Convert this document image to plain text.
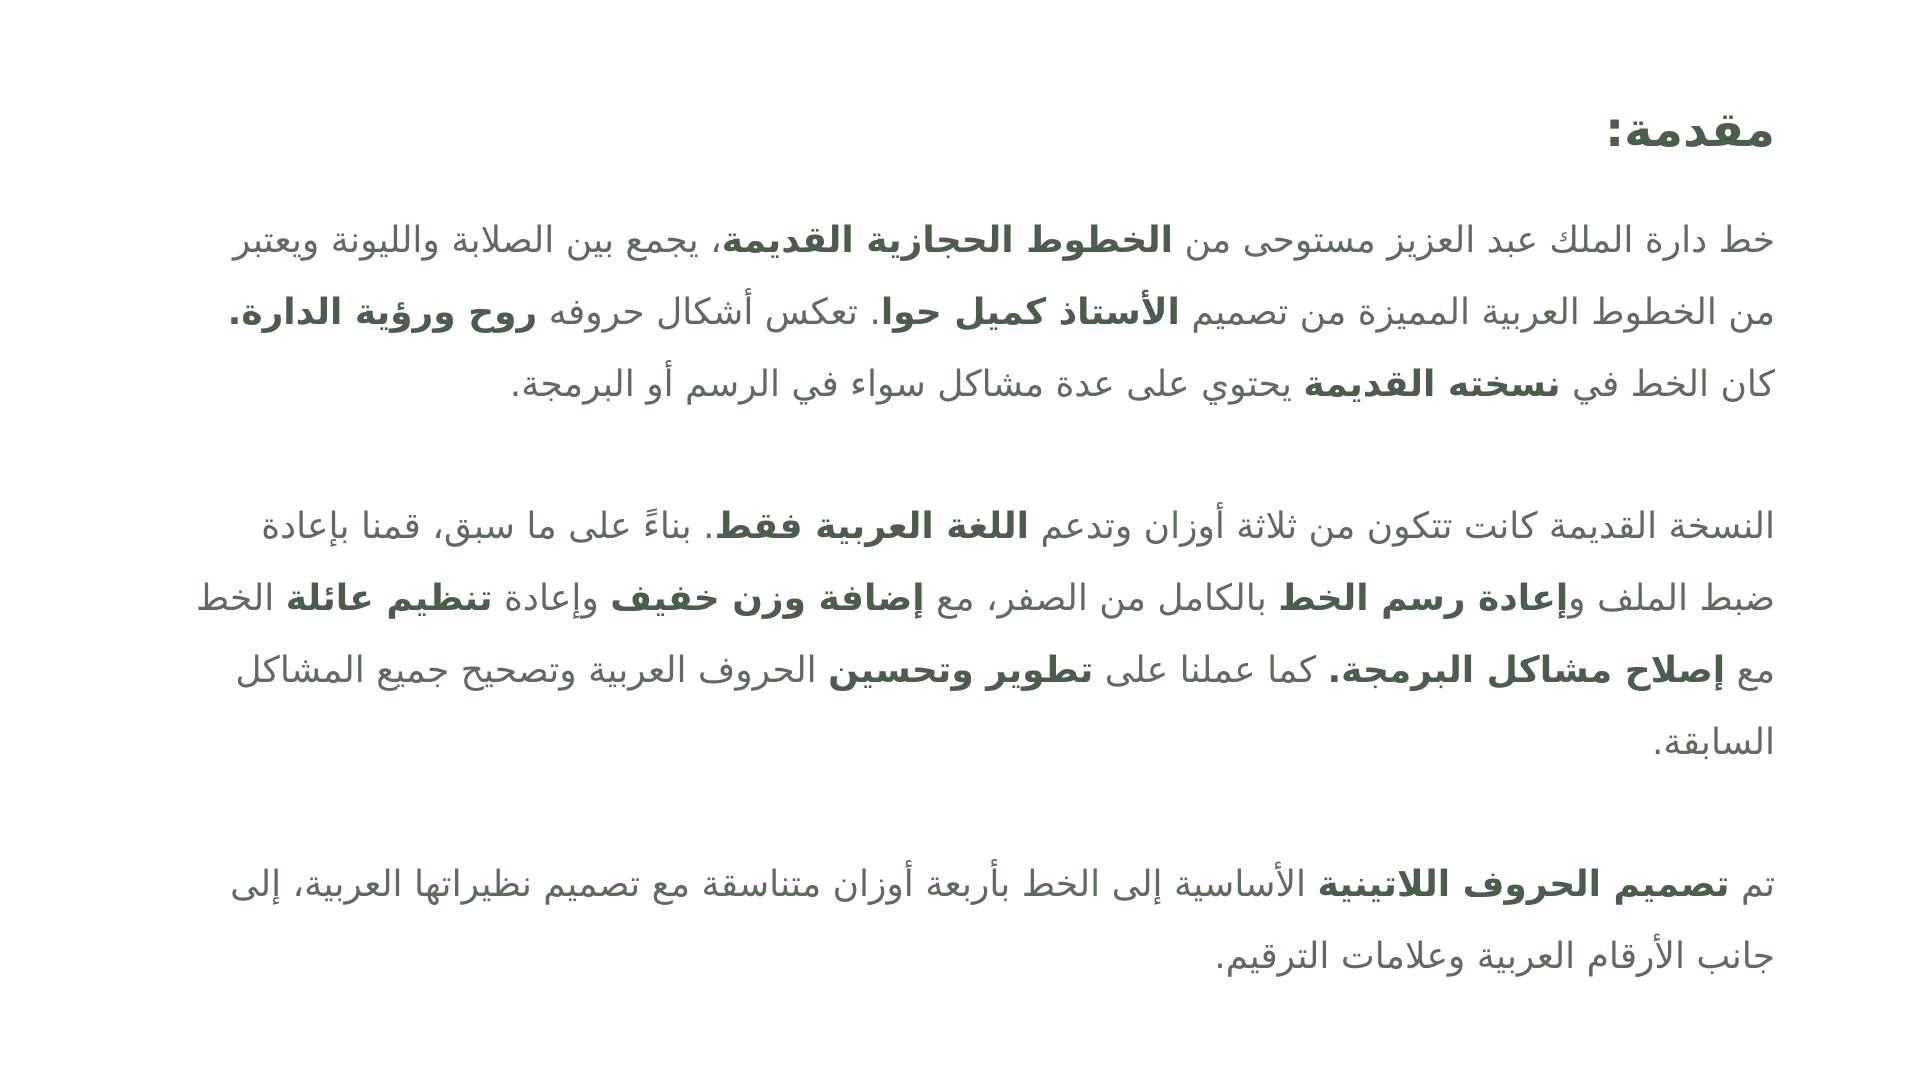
مقدمة:

خط دارة الملك عبد العزيز مستوحى من الخطوط الحجازية القديمة، يجمع بين الصلابة والليونة ويعتبر من الخطوط العربية المميزة من تصميم الأستاذ كميل حوا. تعكس أشكال حروفه روح ورؤية الدارة. كان الخط في نسخته القديمة يحتوي على عدة مشاكل سواء في الرسم أو البرمجة.

النسخة القديمة كانت تتكون من ثلاثة أوزان وتدعم اللغة العربية فقط. بناءً على ما سبق، قمنا بإعادة ضبط الملف وإعادة رسم الخط بالكامل من الصفر، مع إضافة وزن خفيف وإعادة تنظيم عائلة الخط مع إصلاح مشاكل البرمجة. كما عملنا على تطوير وتحسين الحروف العربية وتصحيح جميع المشاكل السابقة.

تم تصميم الحروف اللاتينية الأساسية إلى الخط بأربعة أوزان متناسقة مع تصميم نظيراتها العربية، إلى جانب الأرقام العربية وعلامات الترقيم.
